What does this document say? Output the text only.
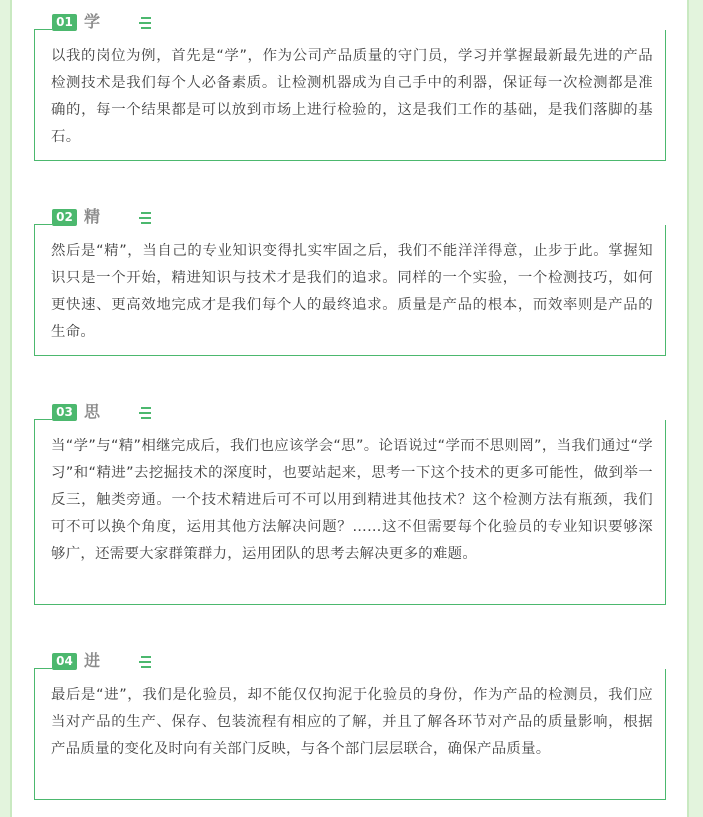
01 学
以我的岗位为例，首先是“学”，作为公司产品质量的守门员，学习并掌握最新最先进的产品检测技术是我们每个人必备素质。让检测机器成为自己手中的利器，保证每一次检测都是准确的，每一个结果都是可以放到市场上进行检验的，这是我们工作的基础，是我们落脚的基石。
02 精
然后是“精”，当自己的专业知识变得扎实牢固之后，我们不能洋洋得意，止步于此。掌握知识只是一个开始，精进知识与技术才是我们的追求。同样的一个实验，一个检测技巧，如何更快速、更高效地完成才是我们每个人的最终追求。质量是产品的根本，而效率则是产品的生命。
03 思
当“学”与“精”相继完成后，我们也应该学会“思”。论语说过“学而不思则罔”，当我们通过“学习”和“精进”去挖掘技术的深度时，也要站起来，思考一下这个技术的更多可能性，做到举一反三，触类旁通。一个技术精进后可不可以用到精进其他技术？这个检测方法有瓶颈，我们可不可以换个角度，运用其他方法解决问题？……这不但需要每个化验员的专业知识要够深够广，还需要大家群策群力，运用团队的思考去解决更多的难题。
04 进
最后是“进”，我们是化验员，却不能仅仅拘泥于化验员的身份，作为产品的检测员，我们应当对产品的生产、保存、包装流程有相应的了解，并且了解各环节对产品的质量影响，根据产品质量的变化及时向有关部门反映，与各个部门层层联合，确保产品质量。
